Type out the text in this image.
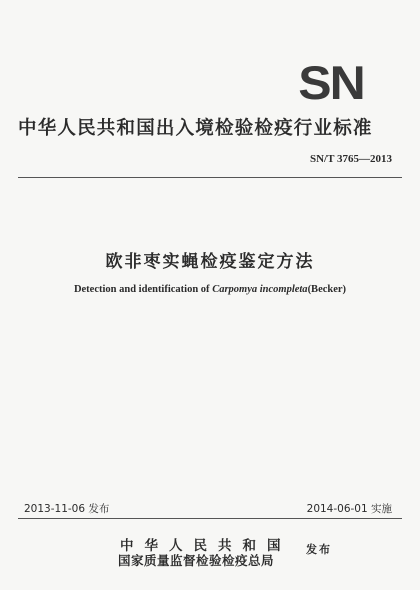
SN
中华人民共和国出入境检验检疫行业标准
SN/T 3765—2013
欧非枣实蝇检疫鉴定方法
Detection and identification of Carpomya incompleta(Becker)
2013-11-06 发布	2014-06-01 实施
中华人民共和国
国家质量监督检验检疫总局
发布
